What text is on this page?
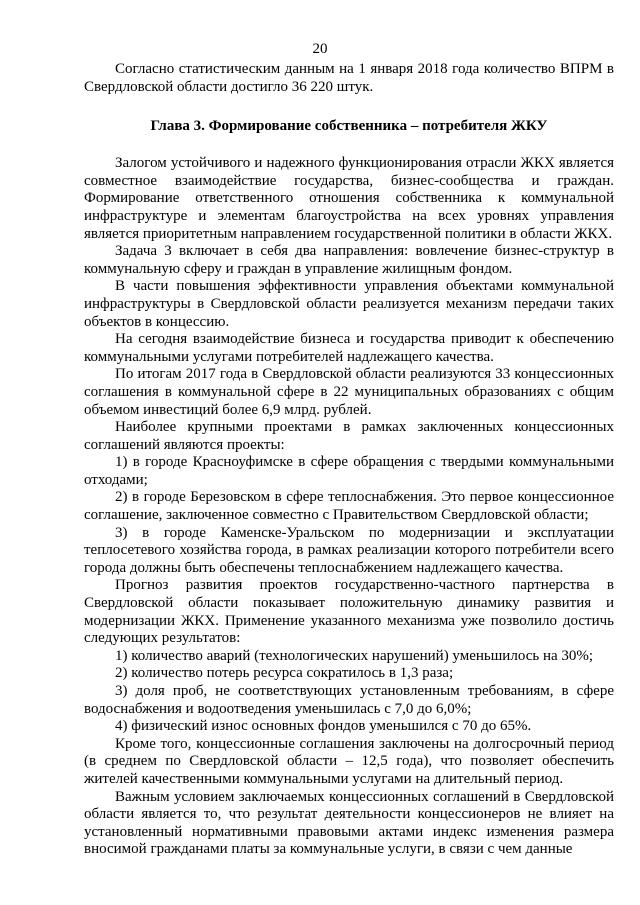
20

Согласно статистическим данным на 1 января 2018 года количество ВПРМ в Свердловской области достигло 36 220 штук.

Глава 3. Формирование собственника – потребителя ЖКУ

Залогом устойчивого и надежного функционирования отрасли ЖКХ является совместное взаимодействие государства, бизнес-сообщества и граждан. Формирование ответственного отношения собственника к коммунальной инфраструктуре и элементам благоустройства на всех уровнях управления является приоритетным направлением государственной политики в области ЖКХ.

Задача 3 включает в себя два направления: вовлечение бизнес-структур в коммунальную сферу и граждан в управление жилищным фондом.

В части повышения эффективности управления объектами коммунальной инфраструктуры в Свердловской области реализуется механизм передачи таких объектов в концессию.

На сегодня взаимодействие бизнеса и государства приводит к обеспечению коммунальными услугами потребителей надлежащего качества.

По итогам 2017 года в Свердловской области реализуются 33 концессионных соглашения в коммунальной сфере в 22 муниципальных образованиях с общим объемом инвестиций более 6,9 млрд. рублей.

Наиболее крупными проектами в рамках заключенных концессионных соглашений являются проекты:

1) в городе Красноуфимске в сфере обращения с твердыми коммунальными отходами;

2) в городе Березовском в сфере теплоснабжения. Это первое концессионное соглашение, заключенное совместно с Правительством Свердловской области;

3) в городе Каменске-Уральском по модернизации и эксплуатации теплосетевого хозяйства города, в рамках реализации которого потребители всего города должны быть обеспечены теплоснабжением надлежащего качества.

Прогноз развития проектов государственно-частного партнерства в Свердловской области показывает положительную динамику развития и модернизации ЖКХ. Применение указанного механизма уже позволило достичь следующих результатов:

1) количество аварий (технологических нарушений) уменьшилось на 30%;

2) количество потерь ресурса сократилось в 1,3 раза;

3) доля проб, не соответствующих установленным требованиям, в сфере водоснабжения и водоотведения уменьшилась с 7,0 до 6,0%;

4) физический износ основных фондов уменьшился с 70 до 65%.

Кроме того, концессионные соглашения заключены на долгосрочный период (в среднем по Свердловской области – 12,5 года), что позволяет обеспечить жителей качественными коммунальными услугами на длительный период.

Важным условием заключаемых концессионных соглашений в Свердловской области является то, что результат деятельности концессионеров не влияет на установленный нормативными правовыми актами индекс изменения размера вносимой гражданами платы за коммунальные услуги, в связи с чем данные
